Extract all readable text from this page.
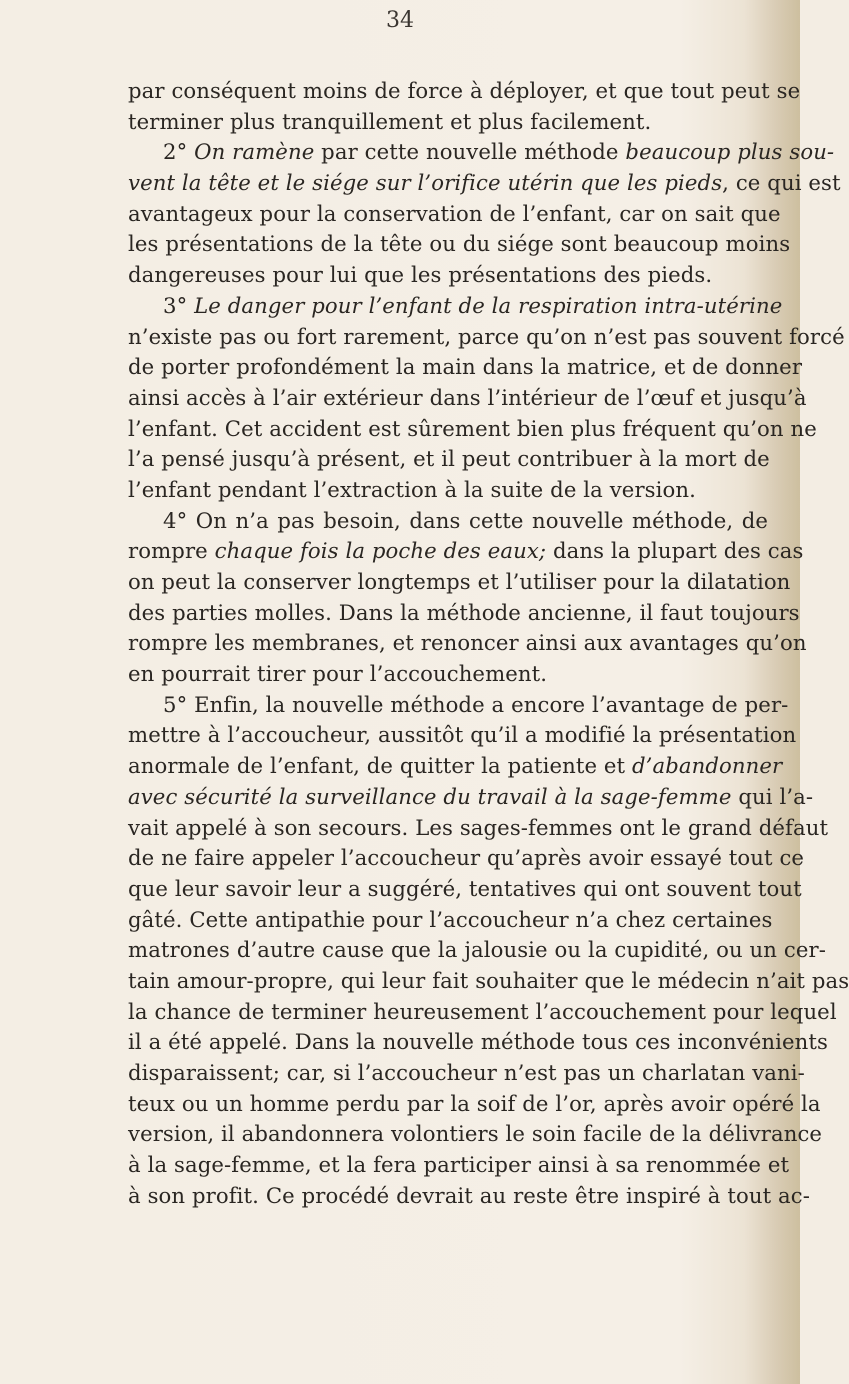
34
par conséquent moins de force à déployer, et que tout peut se
terminer plus tranquillement et plus facilement.
2° On ramène par cette nouvelle méthode beaucoup plus sou-
vent la tête et le siége sur l’orifice utérin que les pieds, ce qui est
avantageux pour la conservation de l’enfant, car on sait que
les présentations de la tête ou du siége sont beaucoup moins
dangereuses pour lui que les présentations des pieds.
3° Le danger pour l’enfant de la respiration intra-utérine
n’existe pas ou fort rarement, parce qu’on n’est pas souvent forcé
de porter profondément la main dans la matrice, et de donner
ainsi accès à l’air extérieur dans l’intérieur de l’œuf et jusqu’à
l’enfant. Cet accident est sûrement bien plus fréquent qu’on ne
l’a pensé jusqu’à présent, et il peut contribuer à la mort de
l’enfant pendant l’extraction à la suite de la version.
4° On n’a pas besoin, dans cette nouvelle méthode, de
rompre chaque fois la poche des eaux; dans la plupart des cas
on peut la conserver longtemps et l’utiliser pour la dilatation
des parties molles. Dans la méthode ancienne, il faut toujours
rompre les membranes, et renoncer ainsi aux avantages qu’on
en pourrait tirer pour l’accouchement.
5° Enfin, la nouvelle méthode a encore l’avantage de per-
mettre à l’accoucheur, aussitôt qu’il a modifié la présentation
anormale de l’enfant, de quitter la patiente et d’abandonner
avec sécurité la surveillance du travail à la sage-femme qui l’a-
vait appelé à son secours. Les sages-femmes ont le grand défaut
de ne faire appeler l’accoucheur qu’après avoir essayé tout ce
que leur savoir leur a suggéré, tentatives qui ont souvent tout
gâté. Cette antipathie pour l’accoucheur n’a chez certaines
matrones d’autre cause que la jalousie ou la cupidité, ou un cer-
tain amour-propre, qui leur fait souhaiter que le médecin n’ait pas
la chance de terminer heureusement l’accouchement pour lequel
il a été appelé. Dans la nouvelle méthode tous ces inconvénients
disparaissent; car, si l’accoucheur n’est pas un charlatan vani-
teux ou un homme perdu par la soif de l’or, après avoir opéré la
version, il abandonnera volontiers le soin facile de la délivrance
à la sage-femme, et la fera participer ainsi à sa renommée et
à son profit. Ce procédé devrait au reste être inspiré à tout ac-
